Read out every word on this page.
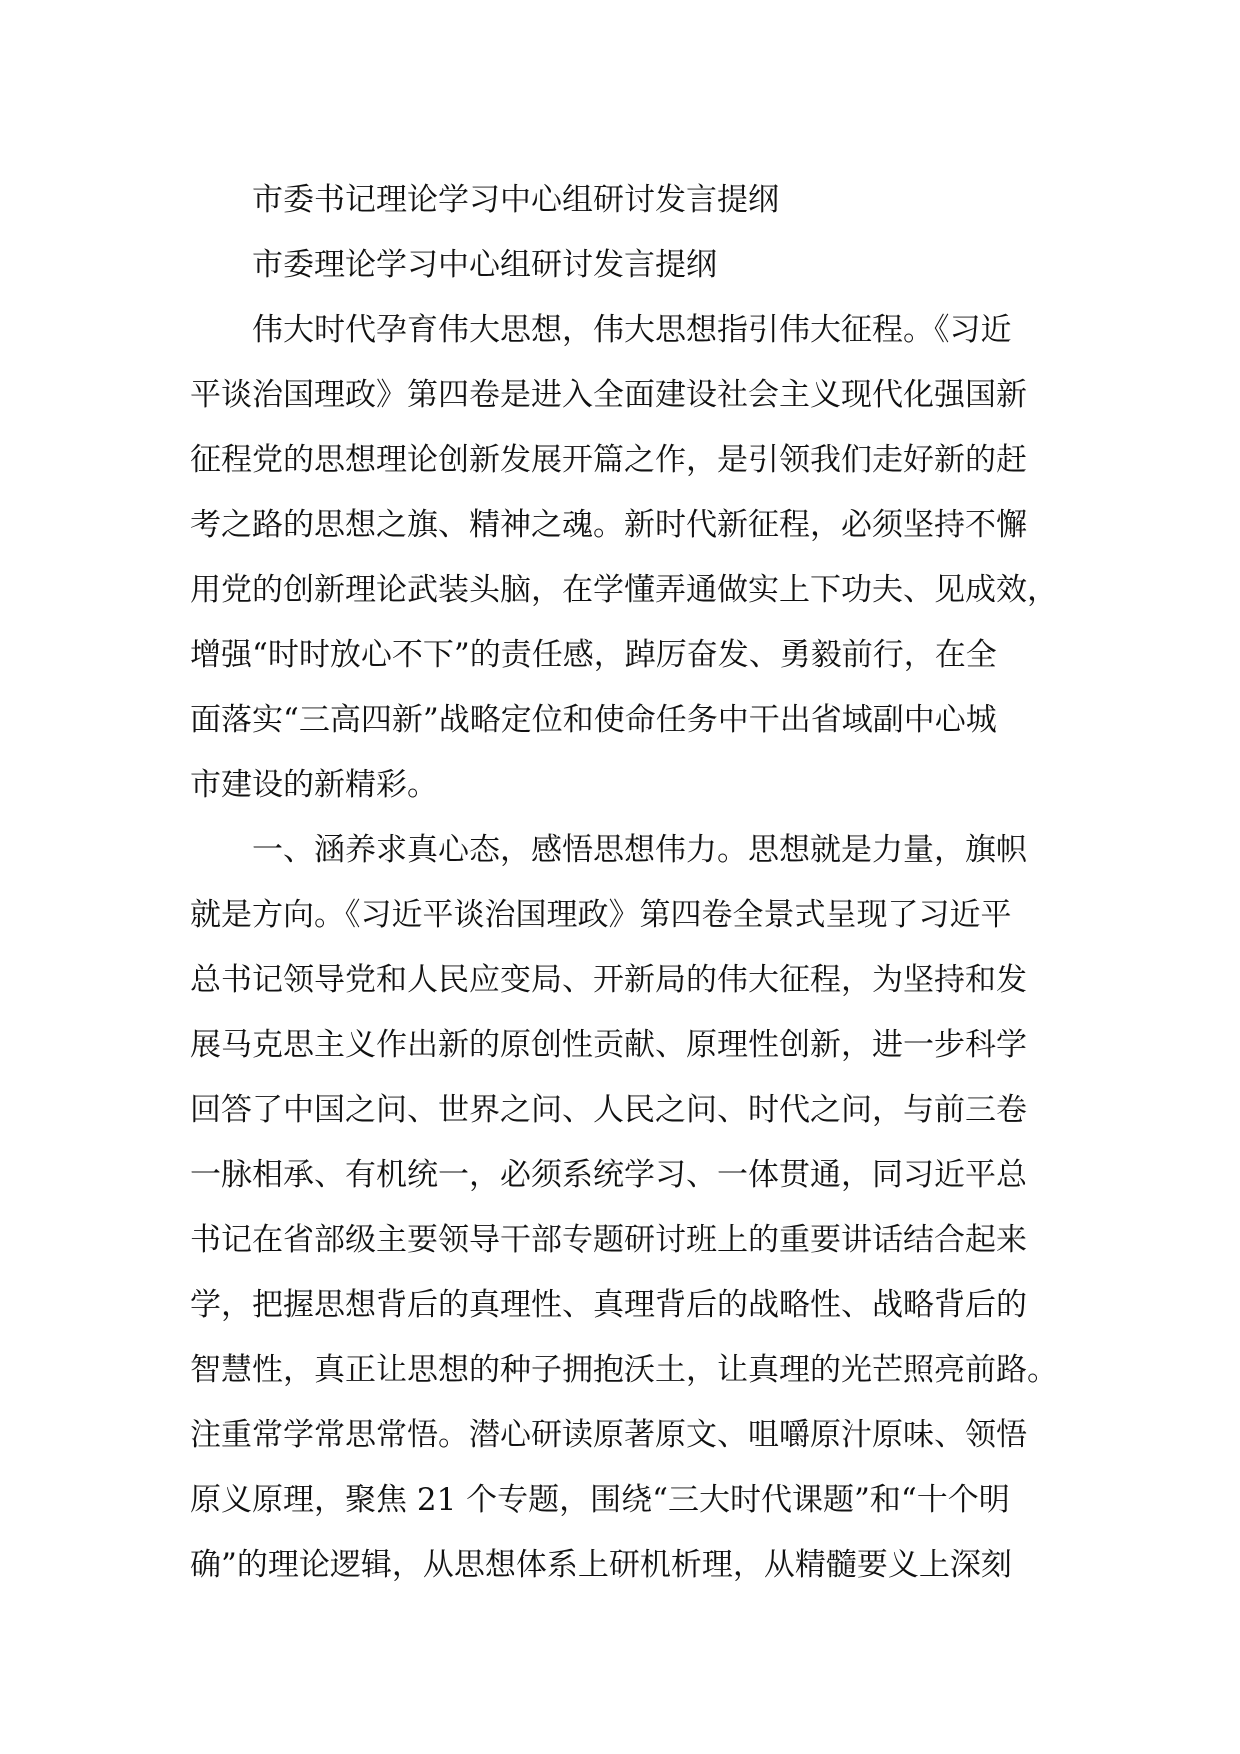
市委书记理论学习中心组研讨发言提纲
市委理论学习中心组研讨发言提纲
伟大时代孕育伟大思想，伟大思想指引伟大征程。《习近
平谈治国理政》第四卷是进入全面建设社会主义现代化强国新
征程党的思想理论创新发展开篇之作，是引领我们走好新的赶
考之路的思想之旗、精神之魂。新时代新征程，必须坚持不懈
用党的创新理论武装头脑，在学懂弄通做实上下功夫、见成效，
增强“时时放心不下”的责任感，踔厉奋发、勇毅前行，在全
面落实“三高四新”战略定位和使命任务中干出省域副中心城
市建设的新精彩。
一、涵养求真心态，感悟思想伟力。思想就是力量，旗帜
就是方向。《习近平谈治国理政》第四卷全景式呈现了习近平
总书记领导党和人民应变局、开新局的伟大征程，为坚持和发
展马克思主义作出新的原创性贡献、原理性创新，进一步科学
回答了中国之问、世界之问、人民之问、时代之问，与前三卷
一脉相承、有机统一，必须系统学习、一体贯通，同习近平总
书记在省部级主要领导干部专题研讨班上的重要讲话结合起来
学，把握思想背后的真理性、真理背后的战略性、战略背后的
智慧性，真正让思想的种子拥抱沃土，让真理的光芒照亮前路。
注重常学常思常悟。潜心研读原著原文、咀嚼原汁原味、领悟
原义原理，聚焦 21 个专题，围绕“三大时代课题”和“十个明
确”的理论逻辑，从思想体系上研机析理，从精髓要义上深刻
